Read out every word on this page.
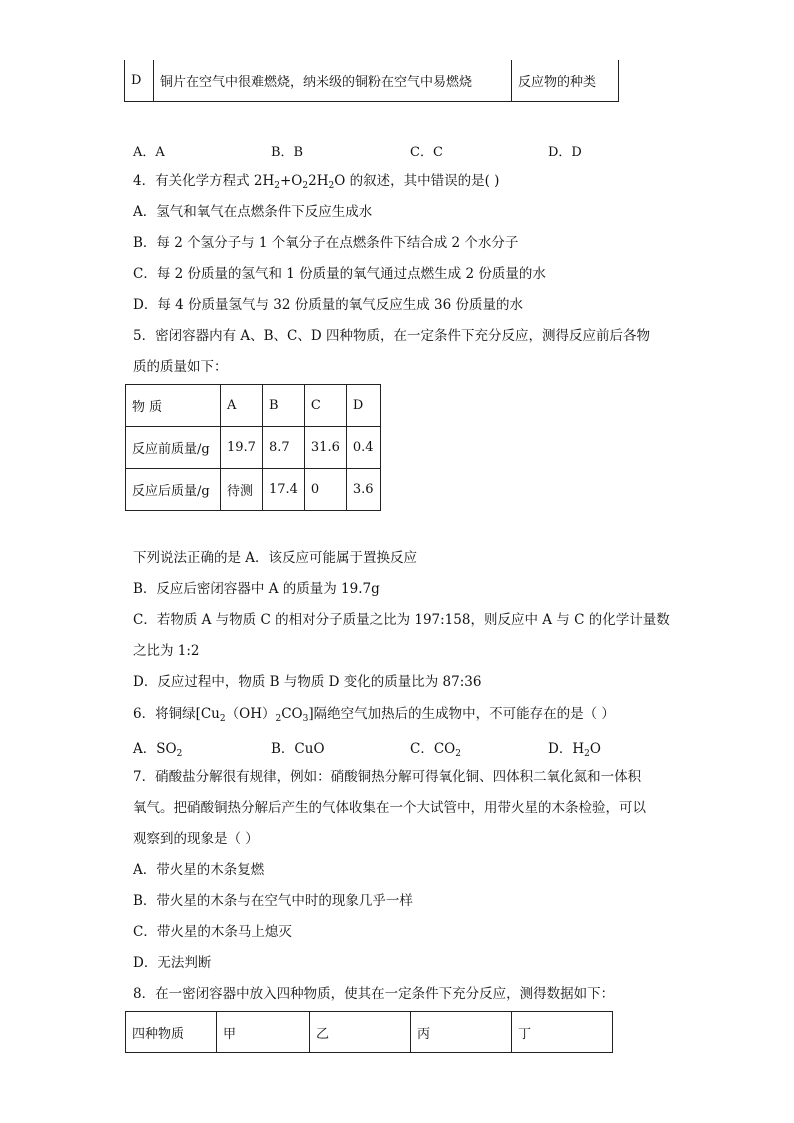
D	铜片在空气中很难燃烧，纳米级的铜粉在空气中易燃烧	反应物的种类
A．A	B．B	C．C	D．D
4．有关化学方程式 $2H_2+O_22H_2O$ 的叙述，其中错误的是( )
A．氢气和氧气在点燃条件下反应生成水
B．每 2 个氢分子与 1 个氧分子在点燃条件下结合成 2 个水分子
C．每 2 份质量的氢气和 1 份质量的氧气通过点燃生成 2 份质量的水
D．每 4 份质量氢气与 32 份质量的氧气反应生成 36 份质量的水
5．密闭容器内有 A、B、C、D 四种物质，在一定条件下充分反应，测得反应前后各物
质的质量如下：
物 质	A	B	C	D
反应前质量/g	19.7	8.7	31.6	0.4
反应后质量/g	待测	17.4	0	3.6
下列说法正确的是 A．该反应可能属于置换反应
B．反应后密闭容器中 A 的质量为 19.7g
C．若物质 A 与物质 C 的相对分子质量之比为 197:158，则反应中 A 与 C 的化学计量数
之比为 1:2
D．反应过程中，物质 B 与物质 D 变化的质量比为 87:36
6．将铜绿$[Cu_2(OH)_2CO_3]$隔绝空气加热后的生成物中，不可能存在的是（ ）
A．$SO_2$	B．CuO	C．$CO_2$	D．$H_2O$
7．硝酸盐分解很有规律，例如：硝酸铜热分解可得氧化铜、四体积二氧化氮和一体积
氧气。把硝酸铜热分解后产生的气体收集在一个大试管中，用带火星的木条检验，可以
观察到的现象是（ ）
A．带火星的木条复燃
B．带火星的木条与在空气中时的现象几乎一样
C．带火星的木条马上熄灭
D．无法判断
8．在一密闭容器中放入四种物质，使其在一定条件下充分反应，测得数据如下：
四种物质	甲	乙	丙	丁
